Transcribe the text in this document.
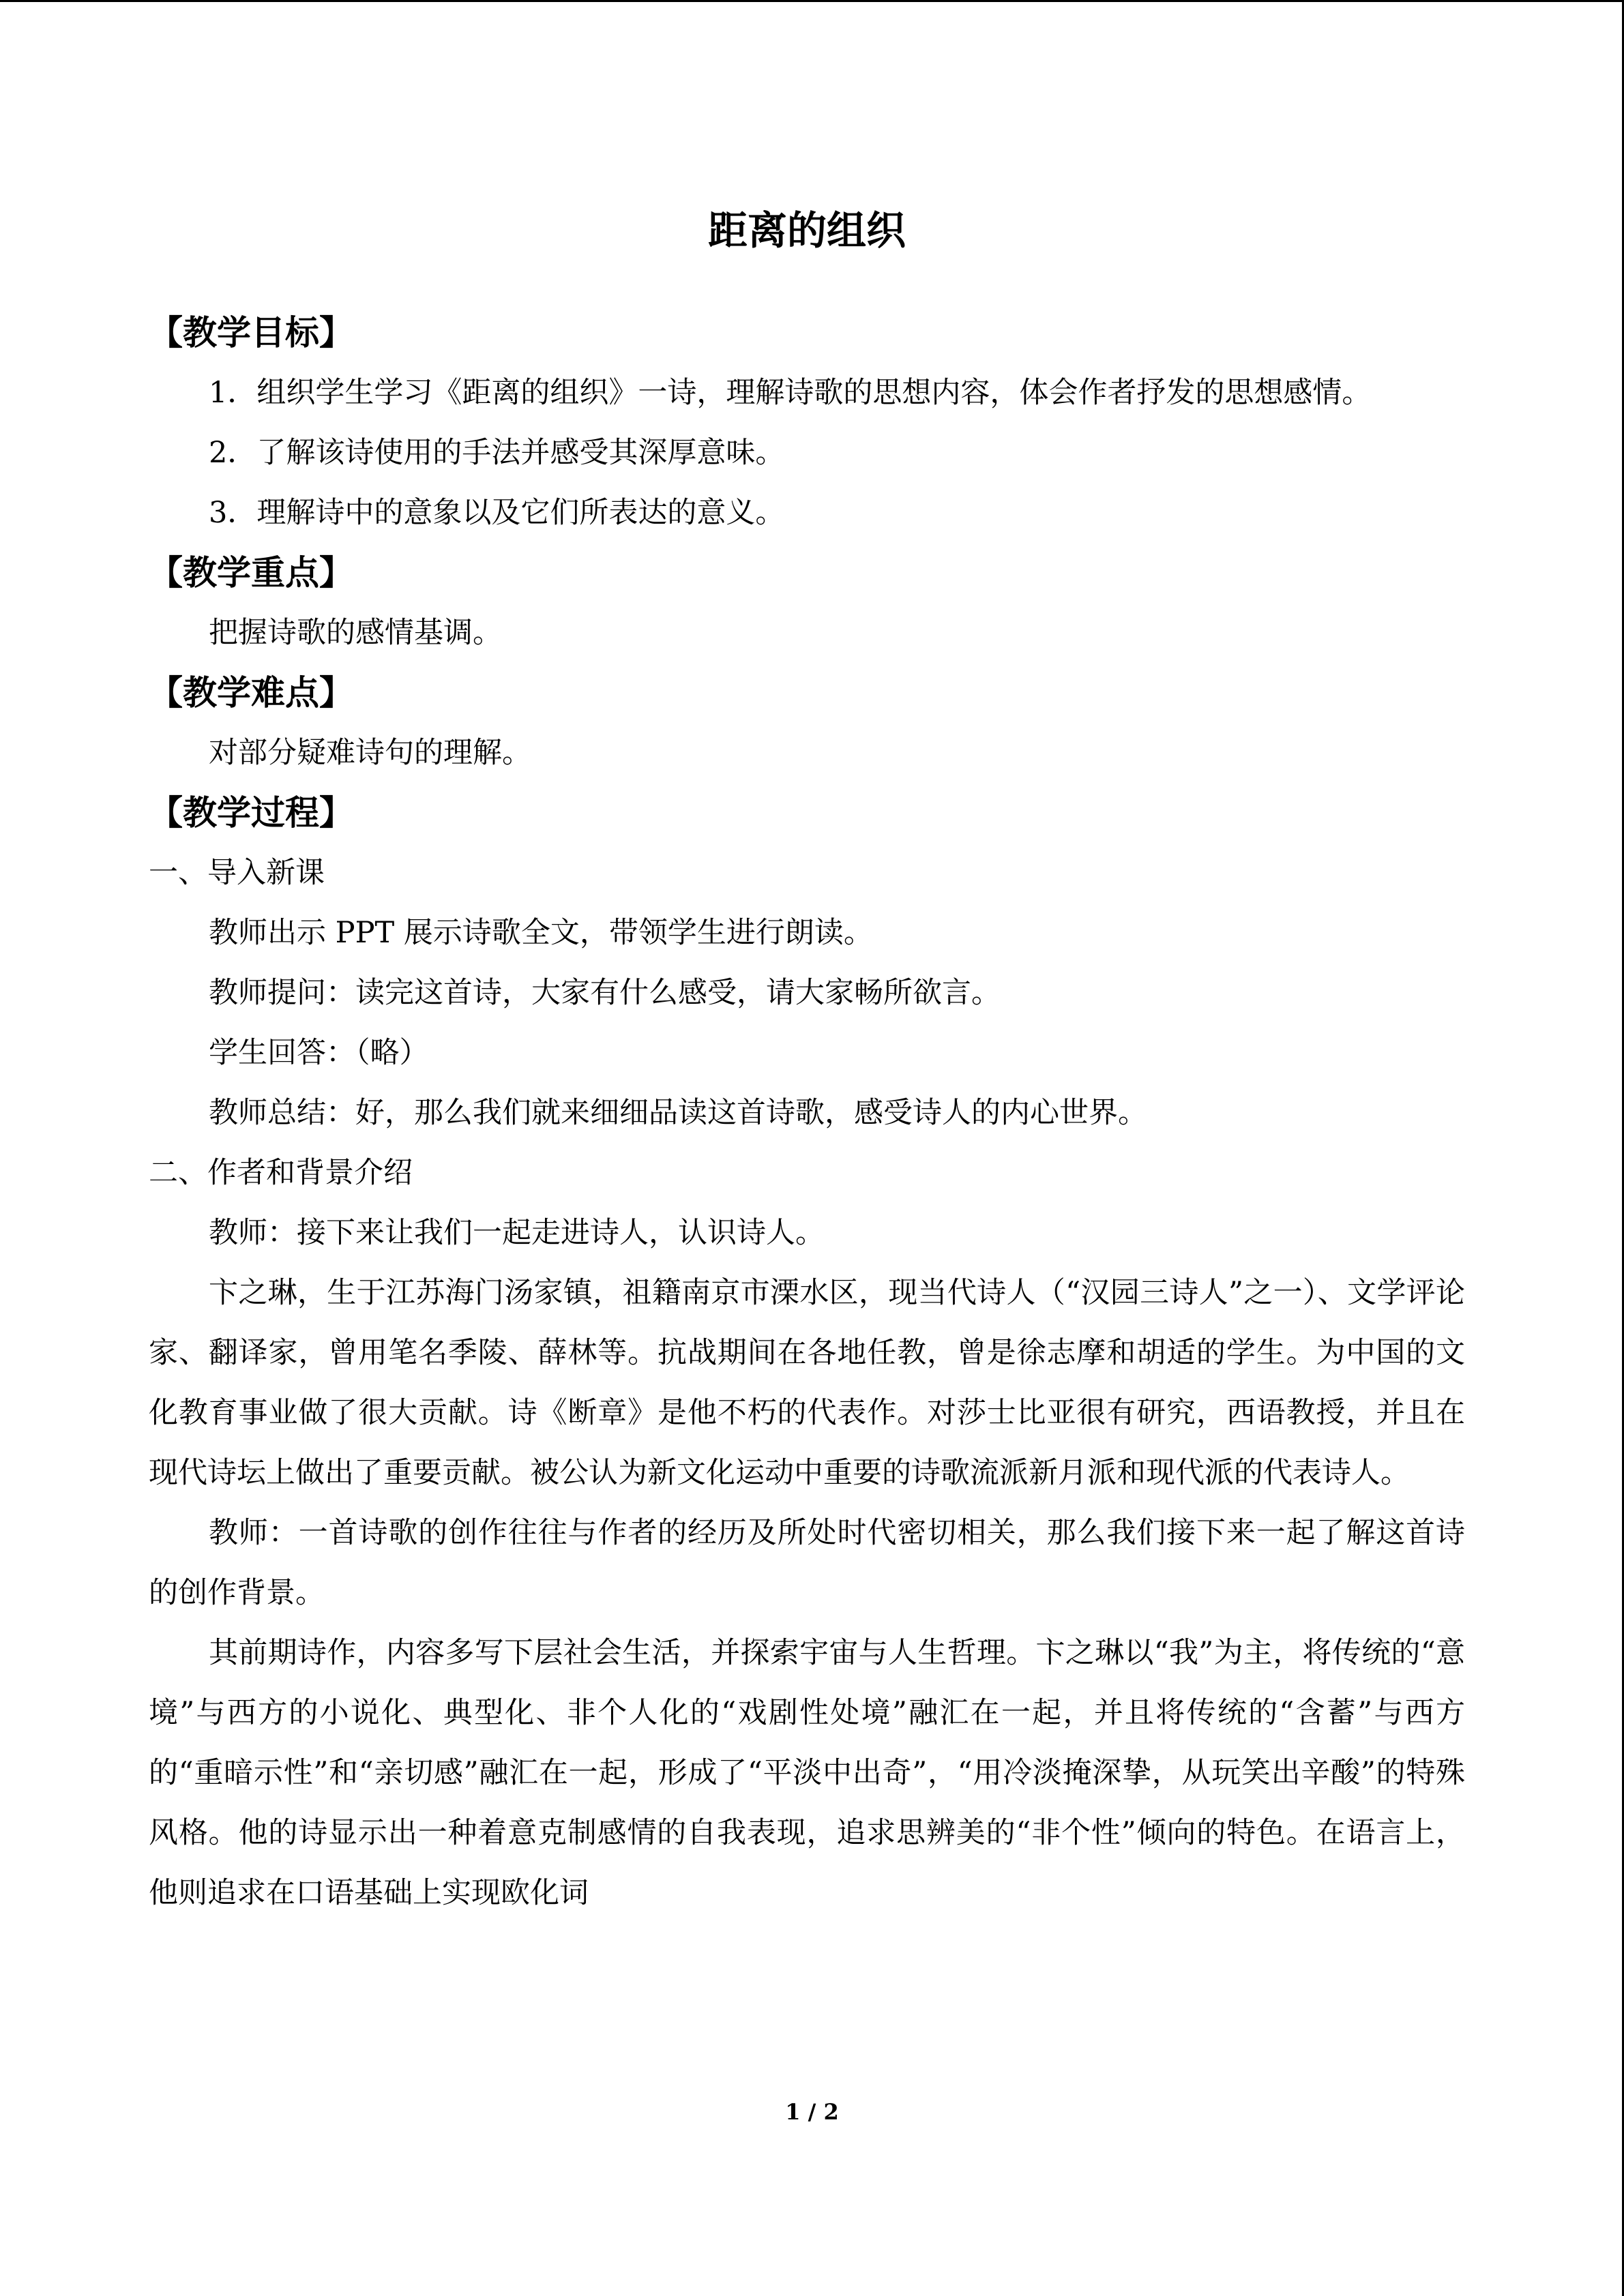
距离的组织
【教学目标】

1．组织学生学习《距离的组织》一诗，理解诗歌的思想内容，体会作者抒发的思想感情。

2．了解该诗使用的手法并感受其深厚意味。

3．理解诗中的意象以及它们所表达的意义。

【教学重点】

把握诗歌的感情基调。

【教学难点】

对部分疑难诗句的理解。

【教学过程】

一、导入新课

教师出示 PPT 展示诗歌全文，带领学生进行朗读。

教师提问：读完这首诗，大家有什么感受，请大家畅所欲言。

学生回答：（略）

教师总结：好，那么我们就来细细品读这首诗歌，感受诗人的内心世界。

二、作者和背景介绍

教师：接下来让我们一起走进诗人，认识诗人。

卞之琳，生于江苏海门汤家镇，祖籍南京市溧水区，现当代诗人（“汉园三诗人”之一）、文学评论家、翻译家，曾用笔名季陵、薛林等。抗战期间在各地任教，曾是徐志摩和胡适的学生。为中国的文化教育事业做了很大贡献。诗《断章》是他不朽的代表作。对莎士比亚很有研究，西语教授，并且在现代诗坛上做出了重要贡献。被公认为新文化运动中重要的诗歌流派新月派和现代派的代表诗人。

教师：一首诗歌的创作往往与作者的经历及所处时代密切相关，那么我们接下来一起了解这首诗的创作背景。

其前期诗作，内容多写下层社会生活，并探索宇宙与人生哲理。卞之琳以“我”为主，将传统的“意境”与西方的小说化、典型化、非个人化的“戏剧性处境”融汇在一起，并且将传统的“含蓄”与西方的“重暗示性”和“亲切感”融汇在一起，形成了“平淡中出奇”，“用冷淡掩深挚，从玩笑出辛酸”的特殊风格。他的诗显示出一种着意克制感情的自我表现，追求思辨美的“非个性”倾向的特色。在语言上，他则追求在口语基础上实现欧化词

1 / 2
